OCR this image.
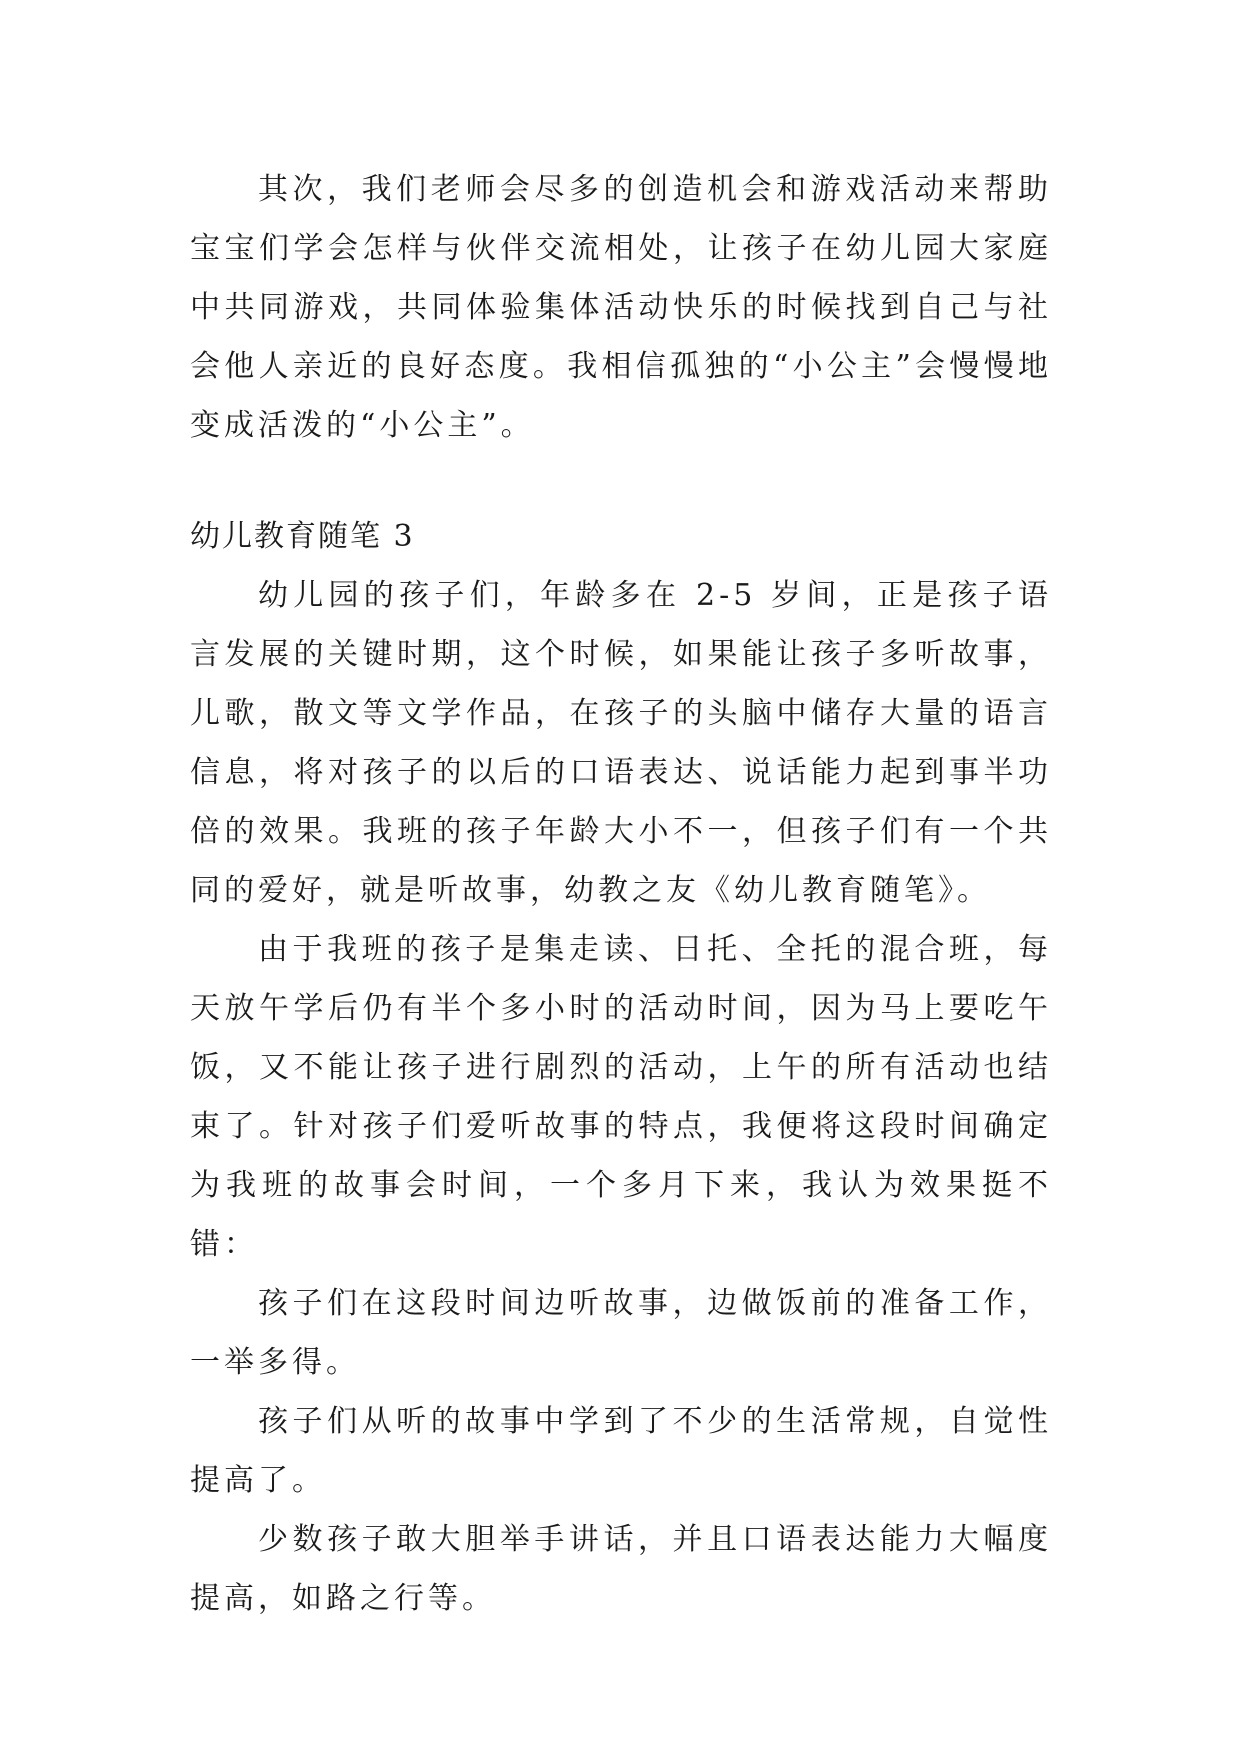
其次，我们老师会尽多的创造机会和游戏活动来帮助宝宝们学会怎样与伙伴交流相处，让孩子在幼儿园大家庭中共同游戏，共同体验集体活动快乐的时候找到自己与社会他人亲近的良好态度。我相信孤独的“小公主”会慢慢地变成活泼的“小公主”。

幼儿教育随笔 3

幼儿园的孩子们，年龄多在 2-5 岁间，正是孩子语言发展的关键时期，这个时候，如果能让孩子多听故事，儿歌，散文等文学作品，在孩子的头脑中储存大量的语言信息，将对孩子的以后的口语表达、说话能力起到事半功倍的效果。我班的孩子年龄大小不一，但孩子们有一个共同的爱好，就是听故事，幼教之友《幼儿教育随笔》。

由于我班的孩子是集走读、日托、全托的混合班，每天放午学后仍有半个多小时的活动时间，因为马上要吃午饭，又不能让孩子进行剧烈的活动，上午的所有活动也结束了。针对孩子们爱听故事的特点，我便将这段时间确定为我班的故事会时间，一个多月下来，我认为效果挺不错：

孩子们在这段时间边听故事，边做饭前的准备工作，一举多得。

孩子们从听的故事中学到了不少的生活常规，自觉性提高了。

少数孩子敢大胆举手讲话，并且口语表达能力大幅度提高，如路之行等。
